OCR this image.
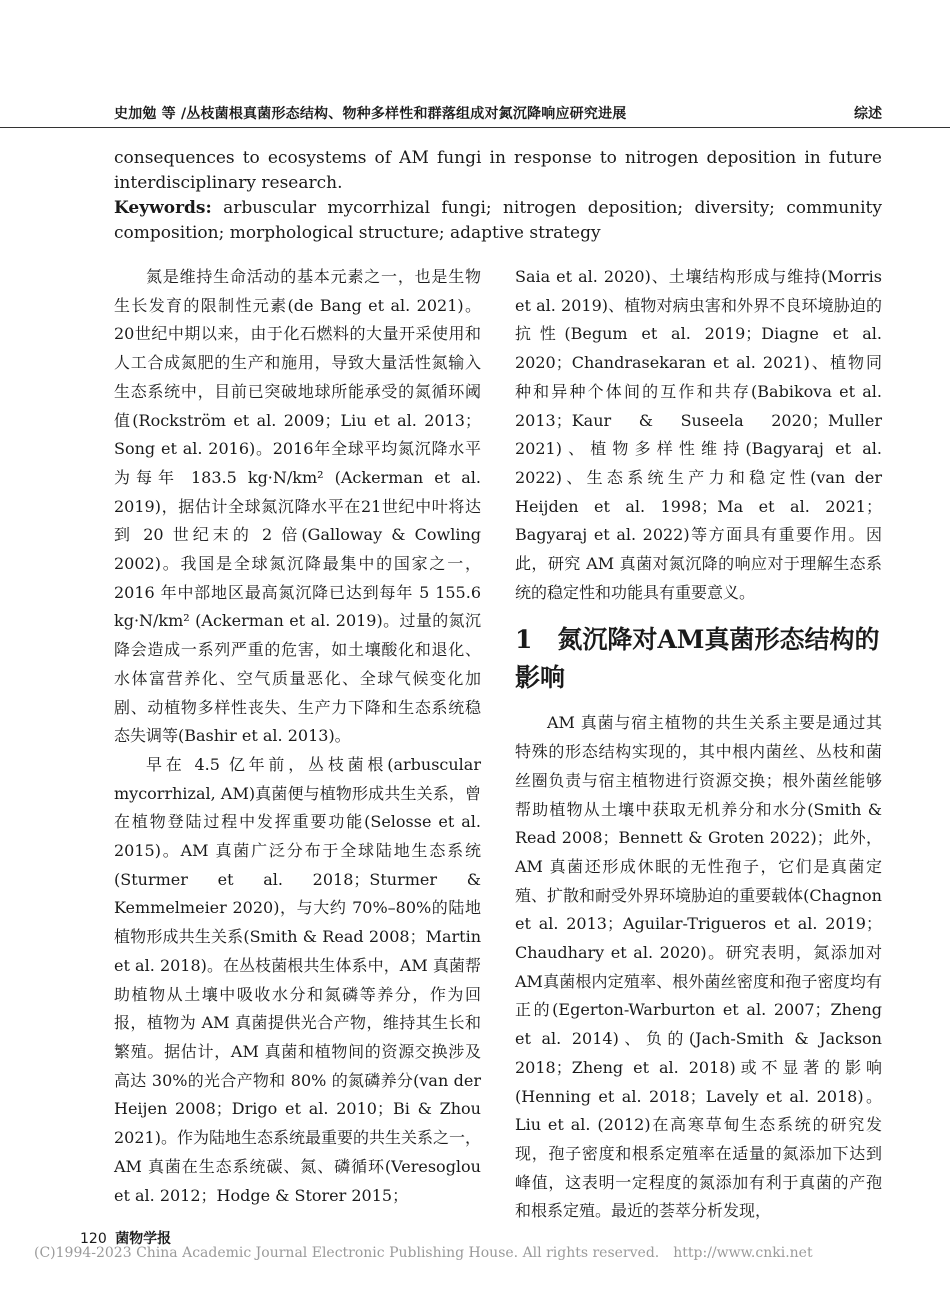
史加勉 等 /丛枝菌根真菌形态结构、物种多样性和群落组成对氮沉降响应研究进展	综述

consequences to ecosystems of AM fungi in response to nitrogen deposition in future interdisciplinary research.

Keywords: arbuscular mycorrhizal fungi; nitrogen deposition; diversity; community composition; morphological structure; adaptive strategy

氮是维持生命活动的基本元素之一，也是生物生长发育的限制性元素(de Bang et al. 2021)。20世纪中期以来，由于化石燃料的大量开采使用和人工合成氮肥的生产和施用，导致大量活性氮输入生态系统中，目前已突破地球所能承受的氮循环阈值(Rockström et al. 2009；Liu et al. 2013；Song et al. 2016)。2016年全球平均氮沉降水平为每年 183.5 kg·N/km² (Ackerman et al. 2019)，据估计全球氮沉降水平在21世纪中叶将达到 20 世纪末的 2 倍(Galloway & Cowling 2002)。我国是全球氮沉降最集中的国家之一，2016 年中部地区最高氮沉降已达到每年 5 155.6 kg·N/km² (Ackerman et al. 2019)。过量的氮沉降会造成一系列严重的危害，如土壤酸化和退化、水体富营养化、空气质量恶化、全球气候变化加剧、动植物多样性丧失、生产力下降和生态系统稳态失调等(Bashir et al. 2013)。

早在 4.5 亿年前，丛枝菌根(arbuscular mycorrhizal, AM)真菌便与植物形成共生关系，曾在植物登陆过程中发挥重要功能(Selosse et al. 2015)。AM 真菌广泛分布于全球陆地生态系统(Sturmer et al. 2018；Sturmer & Kemmelmeier 2020)，与大约 70%–80%的陆地植物形成共生关系(Smith & Read 2008；Martin et al. 2018)。在丛枝菌根共生体系中，AM 真菌帮助植物从土壤中吸收水分和氮磷等养分，作为回报，植物为 AM 真菌提供光合产物，维持其生长和繁殖。据估计，AM 真菌和植物间的资源交换涉及高达 30%的光合产物和 80% 的氮磷养分(van der Heijen 2008；Drigo et al. 2010；Bi & Zhou 2021)。作为陆地生态系统最重要的共生关系之一，AM 真菌在生态系统碳、氮、磷循环(Veresoglou et al. 2012；Hodge & Storer 2015；

Saia et al. 2020)、土壤结构形成与维持(Morris et al. 2019)、植物对病虫害和外界不良环境胁迫的抗性(Begum et al. 2019；Diagne et al. 2020；Chandrasekaran et al. 2021)、植物同种和异种个体间的互作和共存(Babikova et al. 2013；Kaur & Suseela 2020；Muller 2021)、植物多样性维持(Bagyaraj et al. 2022)、生态系统生产力和稳定性(van der Heijden et al. 1998；Ma et al. 2021；Bagyaraj et al. 2022)等方面具有重要作用。因此，研究 AM 真菌对氮沉降的响应对于理解生态系统的稳定性和功能具有重要意义。

1　氮沉降对AM真菌形态结构的影响

AM 真菌与宿主植物的共生关系主要是通过其特殊的形态结构实现的，其中根内菌丝、丛枝和菌丝圈负责与宿主植物进行资源交换；根外菌丝能够帮助植物从土壤中获取无机养分和水分(Smith & Read 2008；Bennett & Groten 2022)；此外，AM 真菌还形成休眠的无性孢子，它们是真菌定殖、扩散和耐受外界环境胁迫的重要载体(Chagnon et al. 2013；Aguilar-Trigueros et al. 2019；Chaudhary et al. 2020)。研究表明，氮添加对AM真菌根内定殖率、根外菌丝密度和孢子密度均有正的(Egerton-Warburton et al. 2007；Zheng et al. 2014)、负的(Jach-Smith & Jackson 2018；Zheng et al. 2018)或不显著的影响(Henning et al. 2018；Lavely et al. 2018)。Liu et al. (2012)在高寒草甸生态系统的研究发现，孢子密度和根系定殖率在适量的氮添加下达到峰值，这表明一定程度的氮添加有利于真菌的产孢和根系定殖。最近的荟萃分析发现，

120 菌物学报
(C)1994-2023 China Academic Journal Electronic Publishing House. All rights reserved. http://www.cnki.net
